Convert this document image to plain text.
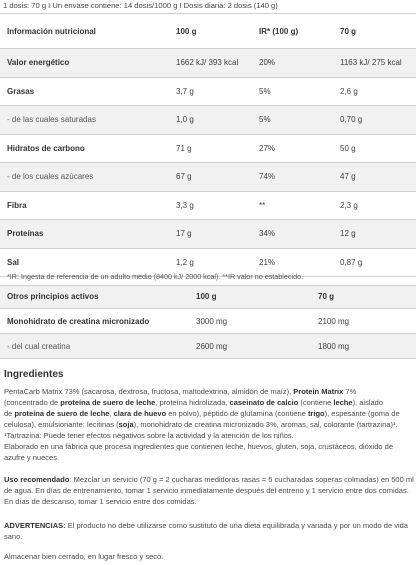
1 dosis: 70 g I Un envase contiene: 14 dosis/1000 g I Dosis diaria: 2 dosis (140 g)
Información nutricional	100 g	IR* (100 g)	70 g
Valor energético	1662 kJ/ 393 kcal	20%	1163 kJ/ 275 kcal
Grasas	3,7 g	5%	2,6 g
- de las cuales saturadas	1,0 g	5%	0,70 g
Hidratos de carbono	71 g	27%	50 g
- de los cuales azúcares	67 g	74%	47 g
Fibra	3,3 g	**	2,3 g
Proteínas	17 g	34%	12 g
Sal	1,2 g	21%	0,87 g
*IR: Ingesta de referencia de un adulto medio (8400 kJ/ 2000 kcal). **IR valor no establecido.
Otros principios activos	100 g	70 g
Monohidrato de creatina micronizado	3000 mg	2100 mg
- del cual creatina	2600 mg	1800 mg
Ingredientes
PentaCarb Matrix 73% (sacarosa, dextrosa, fructosa, maltodextrina, almidón de maíz), Protein Matrix 7%
(concentrado de proteína de suero de leche, proteína hidrolizada, caseinato de calcio (contiene leche), aislado
de proteína de suero de leche, clara de huevo en polvo), péptido de glutamina (contiene trigo), espesante (goma de
celulosa), emulsionante: lecitinas (soja), monohidrato de creatina micronizado 3%, aromas, sal, colorante (tartrazina)¹.
¹Tartrazina: Puede tener efectos negativos sobre la actividad y la atención de los niños.
Elaborado en una fábrica que procesa ingredientes que contienen leche, huevos, gluten, soja, crustáceos, dióxido de
azufre y nueces.
Uso recomendado: Mezclar un servicio (70 g = 2 cucharas medidoras rasas = 5 cucharadas soperas colmadas) en 500 ml
de agua. En días de entrenamiento, tomar 1 servicio inmediatamente después del entreno y 1 servicio entre dos comidas.
En días de descanso, tomar 1 servicio entre dos comidas.
ADVERTENCIAS: El producto no debe utilizarse como sustituto de una dieta equilibrada y variada y por un modo de vida
sano.
Almacenar bien cerrado, en lugar fresco y seco.
